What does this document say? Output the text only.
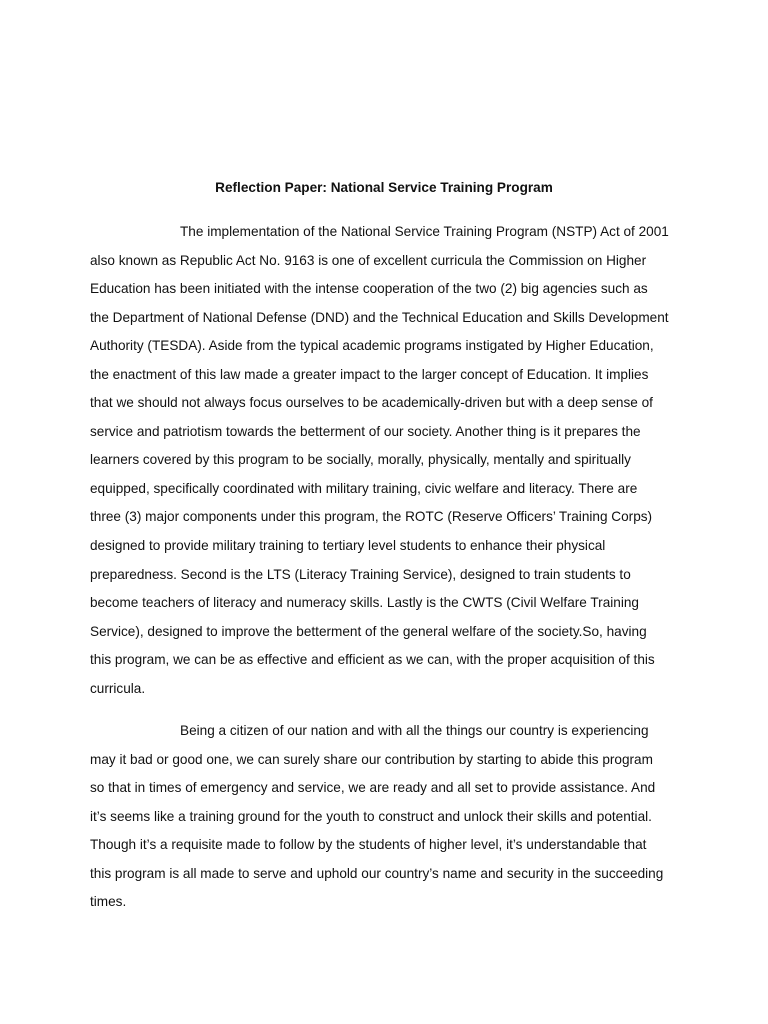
Reflection Paper: National Service Training Program
The implementation of the National Service Training Program (NSTP) Act of 2001
also known as Republic Act No. 9163 is one of excellent curricula the Commission on Higher
Education has been initiated with the intense cooperation of the two (2) big agencies such as
the Department of National Defense (DND) and the Technical Education and Skills Development
Authority (TESDA). Aside from the typical academic programs instigated by Higher Education,
the enactment of this law made a greater impact to the larger concept of Education. It implies
that we should not always focus ourselves to be academically-driven but with a deep sense of
service and patriotism towards the betterment of our society. Another thing is it prepares the
learners covered by this program to be socially, morally, physically, mentally and spiritually
equipped, specifically coordinated with military training, civic welfare and literacy. There are
three (3) major components under this program, the ROTC (Reserve Officers’ Training Corps)
designed to provide military training to tertiary level students to enhance their physical
preparedness. Second is the LTS (Literacy Training Service), designed to train students to
become teachers of literacy and numeracy skills. Lastly is the CWTS (Civil Welfare Training
Service), designed to improve the betterment of the general welfare of the society.So, having
this program, we can be as effective and efficient as we can, with the proper acquisition of this
curricula.
Being a citizen of our nation and with all the things our country is experiencing
may it bad or good one, we can surely share our contribution by starting to abide this program
so that in times of emergency and service, we are ready and all set to provide assistance. And
it’s seems like a training ground for the youth to construct and unlock their skills and potential.
Though it’s a requisite made to follow by the students of higher level, it’s understandable that
this program is all made to serve and uphold our country’s name and security in the succeeding
times.
